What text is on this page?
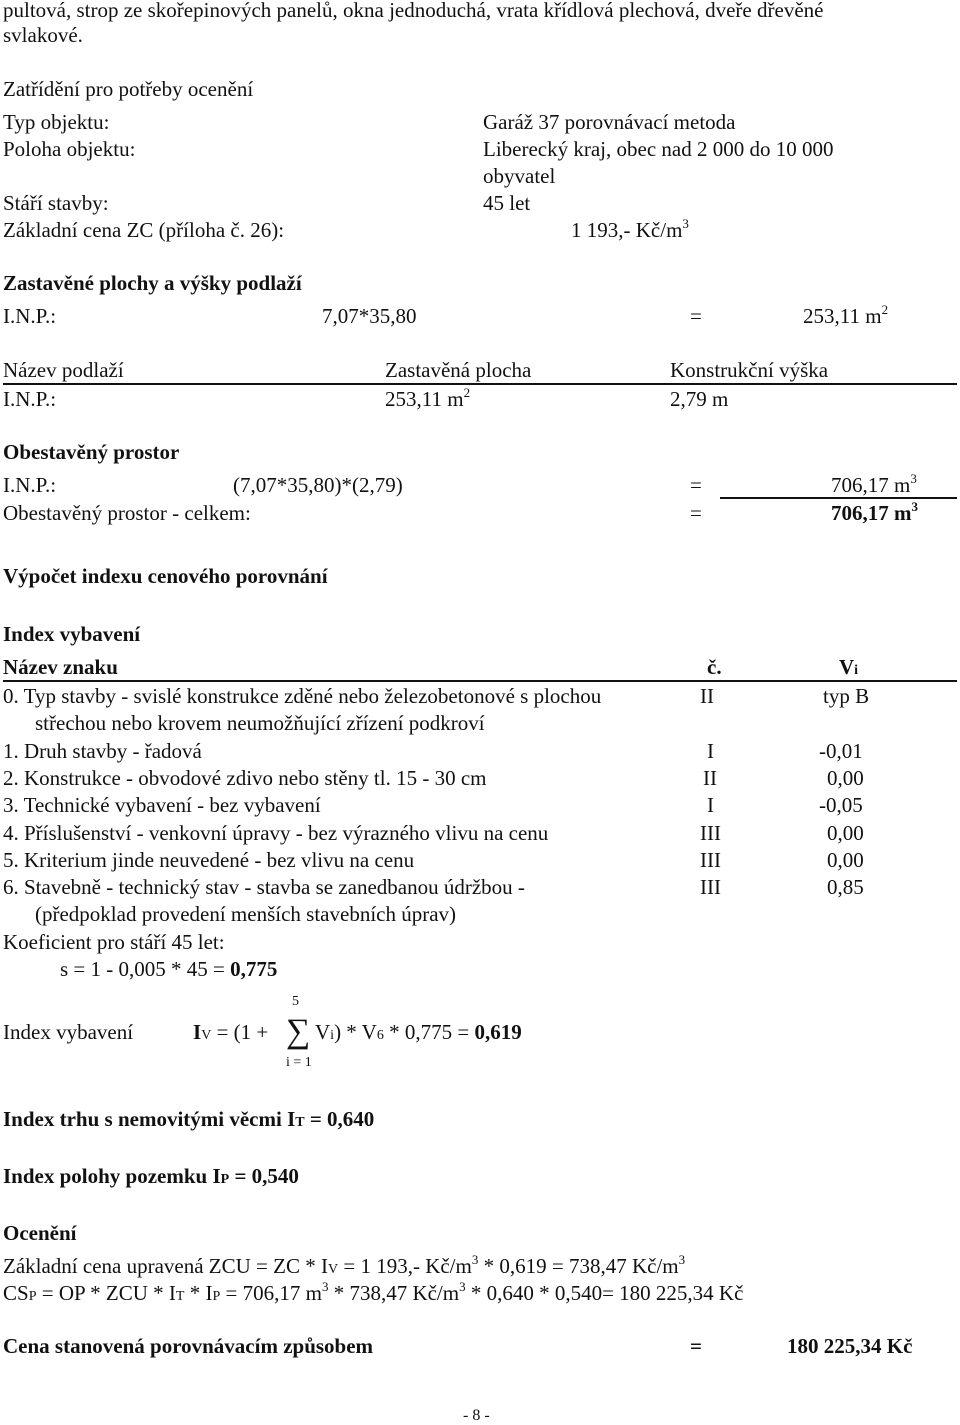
pultová, strop ze skořepinových panelů, okna jednoduchá, vrata křídlová plechová, dveře dřevěné
svlakové.
Zatřídění pro potřeby ocenění
Typ objektu:	Garáž 37 porovnávací metoda
Poloha objektu:	Liberecký kraj, obec nad 2 000 do 10 000
obyvatel
Stáří stavby:	45 let
Základní cena ZC (příloha č. 26):	1 193,- $Kč/m^3$
Zastavěné plochy a výšky podlaží
I.N.P.:	7,07*35,80	=	253,11 $m^2$
Název podlaží	Zastavěná plocha	Konstrukční výška
I.N.P.:	253,11 $m^2$	2,79 m
Obestavěný prostor
I.N.P.:	(7,07*35,80)*(2,79)	=	706,17 $m^3$
Obestavěný prostor - celkem:	=	706,17 $m^3$
Výpočet indexu cenového porovnání
Index vybavení
Název znaku	č.	Vi
0. Typ stavby - svislé konstrukce zděné nebo železobetonové s plochou
střechou nebo krovem neumožňující zřízení podkroví
II	typ B
1. Druh stavby - řadová	I	-0,01
2. Konstrukce - obvodové zdivo nebo stěny tl. 15 - 30 cm	II	0,00
3. Technické vybavení - bez vybavení	I	-0,05
4. Příslušenství - venkovní úpravy - bez výrazného vlivu na cenu	III	0,00
5. Kriterium jinde neuvedené - bez vlivu na cenu	III	0,00
6. Stavebně - technický stav - stavba se zanedbanou údržbou -
(předpoklad provedení menších stavebních úprav)
III	0,85
Koeficient pro stáří 45 let:
s = 1 - 0,005 * 45 = 0,775
5
Index vybavení	IV = (1 + ∑ Vi) * V6 * 0,775 = 0,619
i = 1
Index trhu s nemovitými věcmi IT = 0,640
Index polohy pozemku IP = 0,540
Ocenění
Základní cena upravená ZCU = ZC * IV = 1 193,- $Kč/m^3 * 0,619 = 738,47$ $Kč/m^3$
CSP = OP * ZCU * IT * IP = 706,17 $m^3 * 738,47$ $Kč/m^3 * 0,640 * 0,540= 180$ 225,34 Kč
Cena stanovená porovnávacím způsobem	=	180 225,34 Kč
- 8 -
